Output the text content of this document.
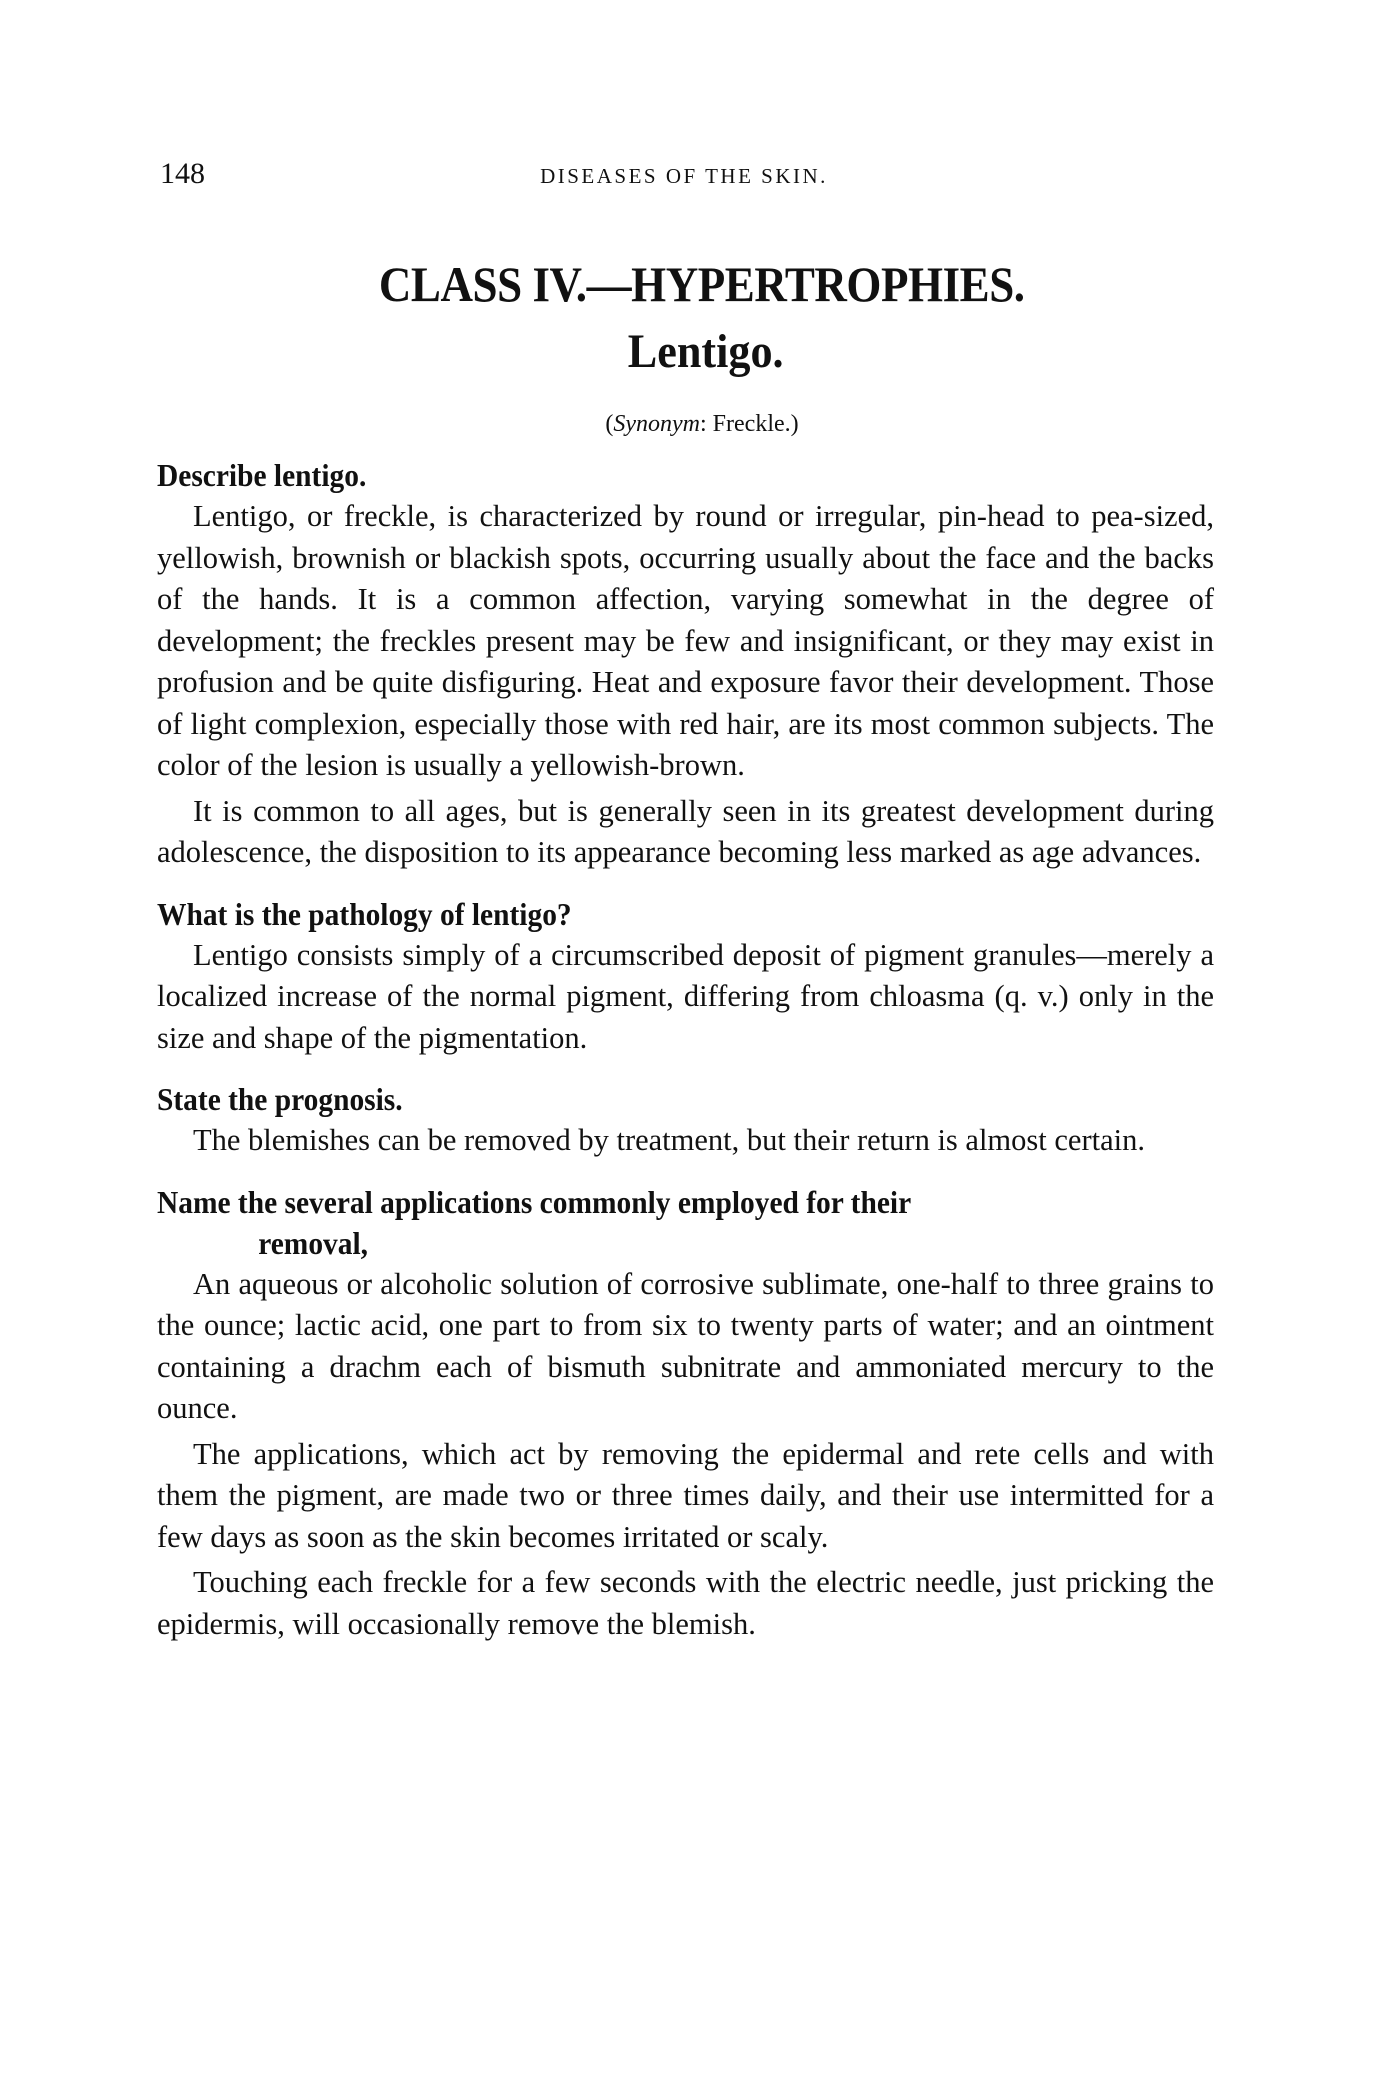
148	DISEASES OF THE SKIN.
CLASS IV.—HYPERTROPHIES.
Lentigo.
(Synonym: Freckle.)
Describe lentigo.

Lentigo, or freckle, is characterized by round or irregular, pin-head to pea-sized, yellowish, brownish or blackish spots, occurring usually about the face and the backs of the hands. It is a common affection, varying somewhat in the degree of development; the freckles present may be few and insignificant, or they may exist in profusion and be quite disfiguring. Heat and exposure favor their development. Those of light complexion, especially those with red hair, are its most common subjects. The color of the lesion is usually a yellowish-brown.

It is common to all ages, but is generally seen in its greatest development during adolescence, the disposition to its appearance becoming less marked as age advances.

What is the pathology of lentigo?

Lentigo consists simply of a circumscribed deposit of pigment granules—merely a localized increase of the normal pigment, differing from chloasma (q. v.) only in the size and shape of the pigmentation.

State the prognosis.

The blemishes can be removed by treatment, but their return is almost certain.

Name the several applications commonly employed for their
removal,

An aqueous or alcoholic solution of corrosive sublimate, one-half to three grains to the ounce; lactic acid, one part to from six to twenty parts of water; and an ointment containing a drachm each of bismuth subnitrate and ammoniated mercury to the ounce.

The applications, which act by removing the epidermal and rete cells and with them the pigment, are made two or three times daily, and their use intermitted for a few days as soon as the skin becomes irritated or scaly.

Touching each freckle for a few seconds with the electric needle, just pricking the epidermis, will occasionally remove the blemish.
